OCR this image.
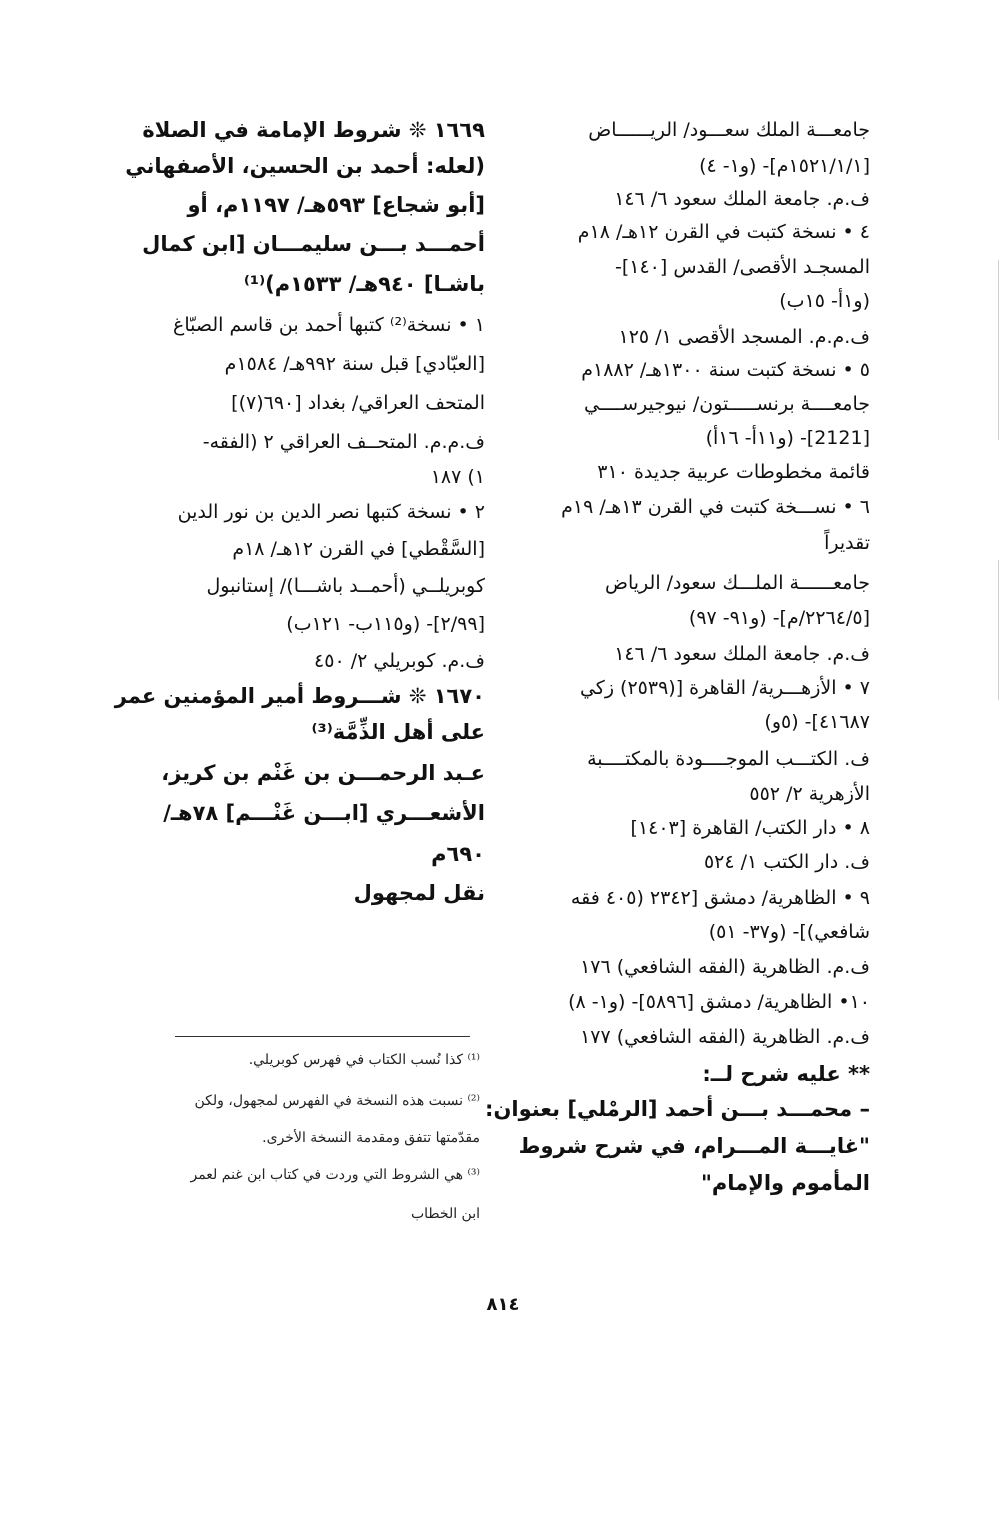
جامعـــة الملك سعـــود/ الريــــــاض
[١٥٢١/١/١م]- (و١- ٤)
ف.م. جامعة الملك سعود ٦/ ١٤٦
٤ • نسخة كتبت في القرن ١٢هـ/ ١٨م
المسجـد الأقصى/ القدس [١٤٠]-
(و١أ- ١٥ب)
ف.م.م. المسجد الأقصى ١/ ١٢٥
٥ • نسخة كتبت سنة ١٣٠٠هـ/ ١٨٨٢م
جامعــــة برنســـــتون/ نيوجيرســــي
[2121]- (و١١أ- ١٦أ)
قائمة مخطوطات عربية جديدة ٣١٠
٦ • نســـخة كتبت في القرن ١٣هـ/ ١٩م
تقديراً
جامعــــــة الملـــك سعود/ الرياض
[٢٢٦٤/٥/م]- (و٩١- ٩٧)
ف.م. جامعة الملك سعود ٦/ ١٤٦
٧ • الأزهـــرية/ القاهرة [(٢٥٣٩) زكي
٤١٦٨٧]- (٥و)
ف. الكتـــب الموجــــودة بالمكتــــبة
الأزهرية ٢/ ٥٥٢
٨ • دار الكتب/ القاهرة [١٤٠٣]
ف. دار الكتب ١/ ٥٢٤
٩ • الظاهرية/ دمشق [٢٣٤٢ (٤٠٥ فقه
شافعي)]- (و٣٧- ٥١)
ف.م. الظاهرية (الفقه الشافعي) ١٧٦
١٠• الظاهرية/ دمشق [٥٨٩٦]- (و١- ٨)
ف.م. الظاهرية (الفقه الشافعي) ١٧٧
** عليه شرح لــ:
– محمـــد بـــن أحمد [الرمْلي] بعنوان:
"غايـــة المـــرام، في شرح شروط
المأموم والإمام"
١٦٦٩ ❊ شروط الإمامة في الصلاة
(لعله: أحمد بن الحسين، الأصفهاني
[أبو شجاع] ٥٩٣هـ/ ١١٩٧م، أو
أحمـــد بـــن سليمـــان [ابن كمال
باشـا] ٩٤٠هـ/ ١٥٣٣م)⁽¹⁾
١ • نسخة⁽²⁾ كتبها أحمد بن قاسم الصبّاغ
[العبّادي] قبل سنة ٩٩٢هـ/ ١٥٨٤م
المتحف العراقي/ بغداد [٦٩٠(٧)]
ف.م.م. المتحــف العراقي ٢ (الفقه-
١) ١٨٧
٢ • نسخة كتبها نصر الدين بن نور الدين
[السَّقْطي] في القرن ١٢هـ/ ١٨م
كوبريلــي (أحمــد باشـــا)/ إستانبول
[٢/٩٩]- (و١١٥ب- ١٢١ب)
ف.م. كوبريلي ٢/ ٤٥٠
١٦٧٠ ❊ شـــروط أمير المؤمنين عمر
على أهل الذِّمَّة⁽³⁾
عـبد الرحمـــن بن غَنْم بن كريز،
الأشعـــري [ابـــن غَنْـــم] ٧٨هـ/
٦٩٠م
نقل لمجهول
⁽¹⁾ كذا نُسب الكتاب في فهرس كوبريلي.
⁽²⁾ نسبت هذه النسخة في الفهرس لمجهول، ولكن
مقدّمتها تتفق ومقدمة النسخة الأخرى.
⁽³⁾ هي الشروط التي وردت في كتاب ابن غنم لعمر
ابن الخطاب
٨١٤
